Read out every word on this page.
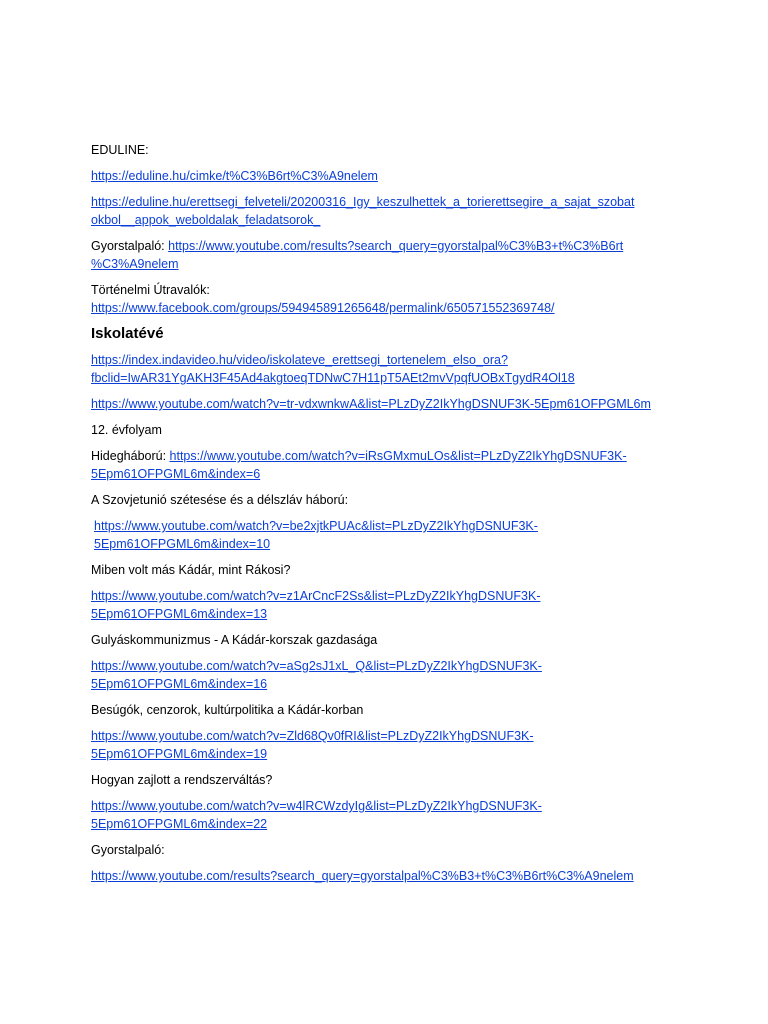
EDULINE:

https://eduline.hu/cimke/t%C3%B6rt%C3%A9nelem

https://eduline.hu/erettsegi_felveteli/20200316_Igy_keszulhettek_a_torierettsegire_a_sajat_szobat
okbol__appok_weboldalak_feladatsorok_

Gyorstalpaló: https://www.youtube.com/results?search_query=gyorstalpal%C3%B3+t%C3%B6rt
%C3%A9nelem

Történelmi Útravalók:
https://www.facebook.com/groups/594945891265648/permalink/650571552369748/

Iskolatévé

https://index.indavideo.hu/video/iskolateve_erettsegi_tortenelem_elso_ora?
fbclid=IwAR31YgAKH3F45Ad4akgtoeqTDNwC7H11pT5AEt2mvVpqfUOBxTgydR4Ol18

https://www.youtube.com/watch?v=tr-vdxwnkwA&list=PLzDyZ2IkYhgDSNUF3K-5Epm61OFPGML6m

12. évfolyam

Hidegháború: https://www.youtube.com/watch?v=iRsGMxmuLOs&list=PLzDyZ2IkYhgDSNUF3K-
5Epm61OFPGML6m&index=6

A Szovjetunió szétesése és a délszláv háború:

https://www.youtube.com/watch?v=be2xjtkPUAc&list=PLzDyZ2IkYhgDSNUF3K-
5Epm61OFPGML6m&index=10

Miben volt más Kádár, mint Rákosi?

https://www.youtube.com/watch?v=z1ArCncF2Ss&list=PLzDyZ2IkYhgDSNUF3K-
5Epm61OFPGML6m&index=13

Gulyáskommunizmus - A Kádár-korszak gazdasága

https://www.youtube.com/watch?v=aSg2sJ1xL_Q&list=PLzDyZ2IkYhgDSNUF3K-
5Epm61OFPGML6m&index=16

Besúgók, cenzorok, kultúrpolitika a Kádár-korban

https://www.youtube.com/watch?v=Zld68Qv0fRI&list=PLzDyZ2IkYhgDSNUF3K-
5Epm61OFPGML6m&index=19

Hogyan zajlott a rendszerváltás?

https://www.youtube.com/watch?v=w4lRCWzdyIg&list=PLzDyZ2IkYhgDSNUF3K-
5Epm61OFPGML6m&index=22

Gyorstalpaló:

https://www.youtube.com/results?search_query=gyorstalpal%C3%B3+t%C3%B6rt%C3%A9nelem
